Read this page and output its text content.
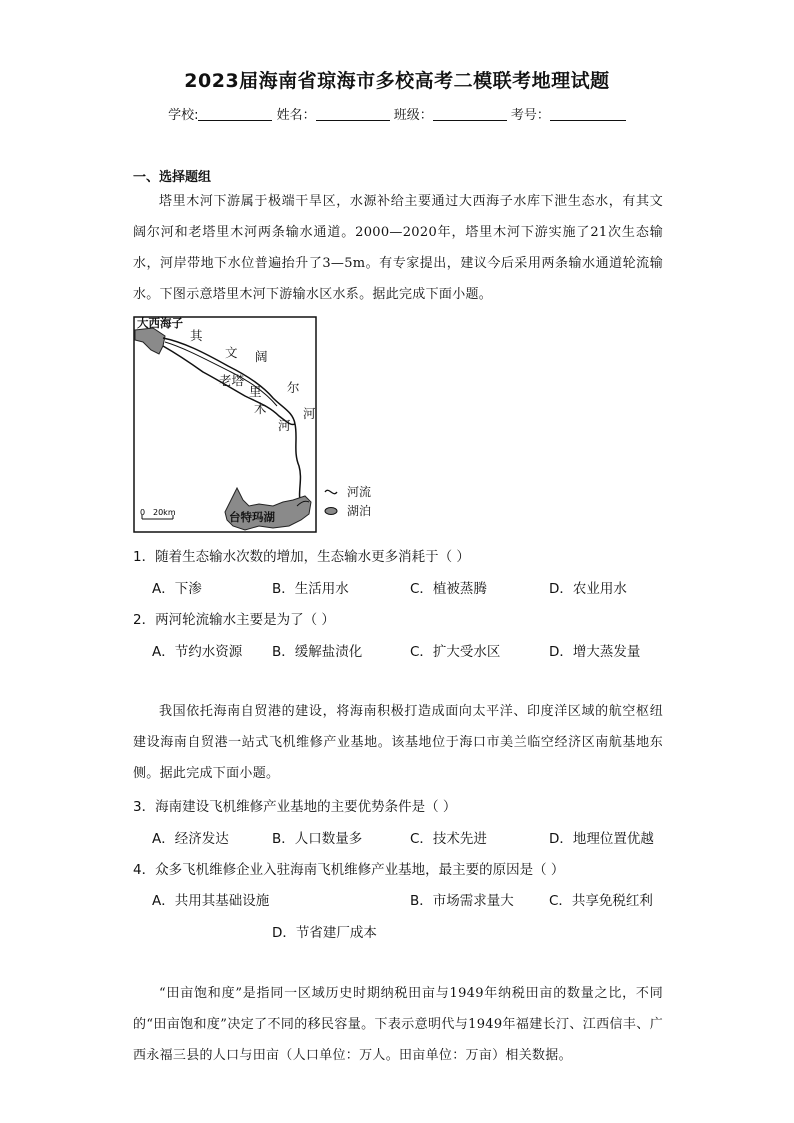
2023届海南省琼海市多校高考二模联考地理试题
学校:	姓名：	班级：	考号：
一、选择题组
塔里木河下游属于极端干旱区，水源补给主要通过大西海子水库下泄生态水，有其文阔尔河和老塔里木河两条输水通道。2000—2020年，塔里木河下游实施了21次生态输水，河岸带地下水位普遍抬升了3—5m。有专家提出，建议今后采用两条输水通道轮流输水。下图示意塔里木河下游输水区水系。据此完成下面小题。
大西海子
其
文 阔
尔
河
老塔
里
木
河
台特玛湖
0 20km
河流
湖泊
1．随着生态输水次数的增加，生态输水更多消耗于（ ）
A．下渗	B．生活用水	C．植被蒸腾	D．农业用水
2．两河轮流输水主要是为了（ ）
A．节约水资源 B．缓解盐渍化	C．扩大受水区	D．增大蒸发量
我国依托海南自贸港的建设，将海南积极打造成面向太平洋、印度洋区域的航空枢纽建设海南自贸港一站式飞机维修产业基地。该基地位于海口市美兰临空经济区南航基地东侧。据此完成下面小题。
3．海南建设飞机维修产业基地的主要优势条件是（ ）
A．经济发达	B．人口数量多	C．技术先进	D．地理位置优越
4．众多飞机维修企业入驻海南飞机维修产业基地，最主要的原因是（ ）
A．共用其基础设施	B．市场需求量大	C．共享免税红利
D．节省建厂成本
“田亩饱和度”是指同一区域历史时期纳税田亩与1949年纳税田亩的数量之比，不同的“田亩饱和度”决定了不同的移民容量。下表示意明代与1949年福建长汀、江西信丰、广西永福三县的人口与田亩（人口单位：万人。田亩单位：万亩）相关数据。
